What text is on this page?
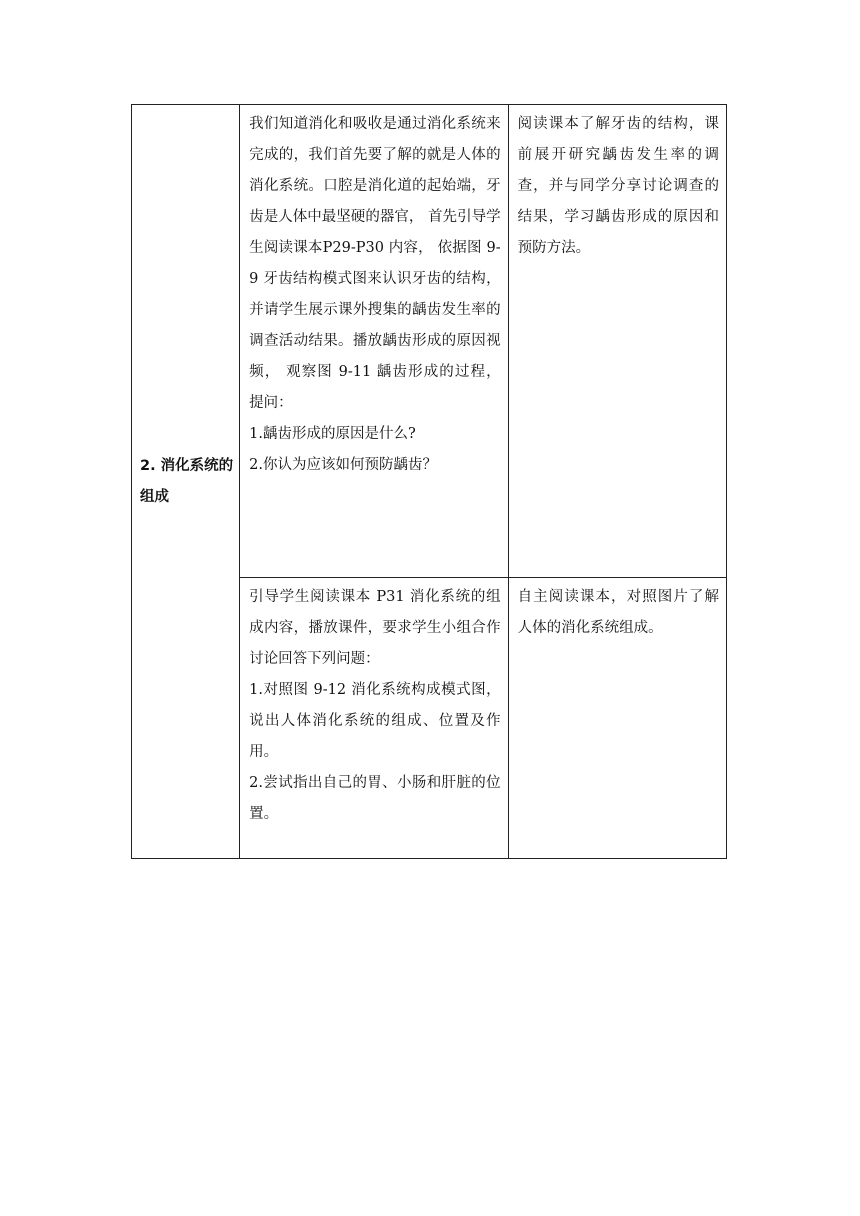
2. 消化系统的组成	我们知道消化和吸收是通过消化系统来完成的，我们首先要了解的就是人体的消化系统。口腔是消化道的起始端，牙齿是人体中最坚硬的器官， 首先引导学生阅读课本P29-P30 内容， 依据图 9-9 牙齿结构模式图来认识牙齿的结构，并请学生展示课外搜集的龋齿发生率的调查活动结果。播放龋齿形成的原因视频， 观察图 9-11 龋齿形成的过程， 提问：

1.龋齿形成的原因是什么?

2.你认为应该如何预防龋齿？	阅读课本了解牙齿的结构，课前展开研究龋齿发生率的调查，并与同学分享讨论调查的结果，学习龋齿形成的原因和预防方法。

	引导学生阅读课本 P31 消化系统的组成内容，播放课件，要求学生小组合作讨论回答下列问题：

1.对照图 9-12 消化系统构成模式图，说出人体消化系统的组成、位置及作用。

2.尝试指出自己的胃、小肠和肝脏的位置。	自主阅读课本，对照图片了解人体的消化系统组成。
